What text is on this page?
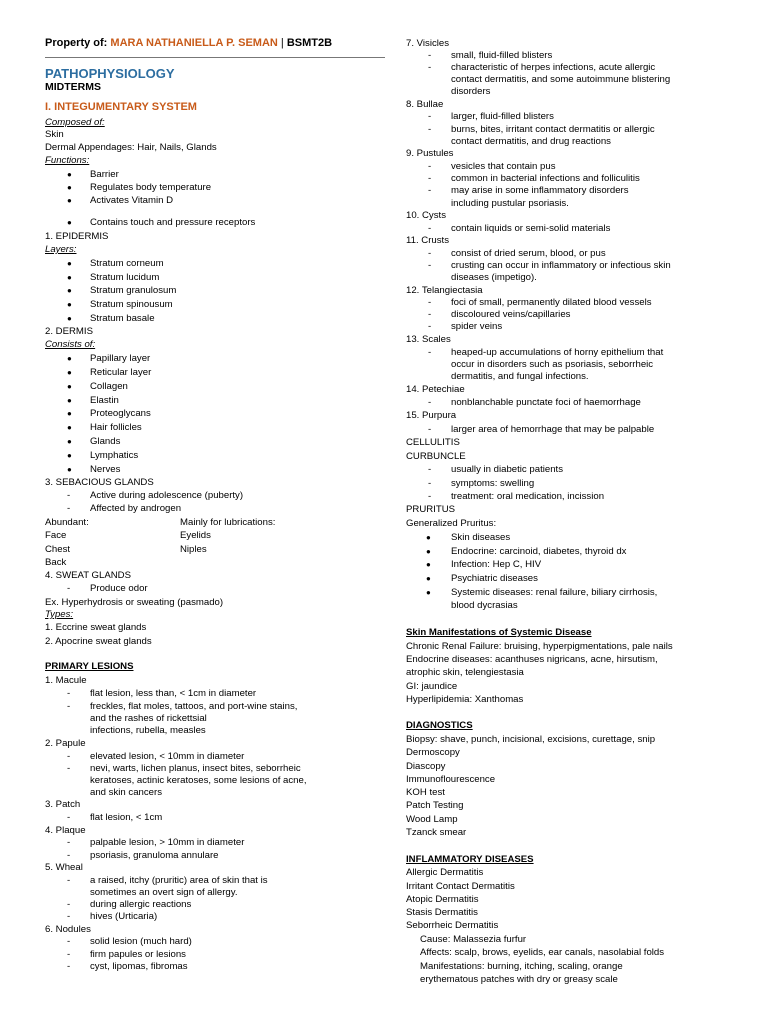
Property of: MARA NATHANIELLA P. SEMAN | BSMT2B
PATHOPHYSIOLOGY
MIDTERMS
I. INTEGUMENTARY SYSTEM
Composed of:
Skin
Dermal Appendages: Hair, Nails, Glands
Functions:
● Barrier
● Regulates body temperature
● Activates Vitamin D
● Contains touch and pressure receptors
1. EPIDERMIS
Layers:
● Stratum corneum
● Stratum lucidum
● Stratum granulosum
● Stratum spinousum
● Stratum basale
2. DERMIS
Consists of:
● Papillary layer
● Reticular layer
● Collagen
● Elastin
● Proteoglycans
● Hair follicles
● Glands
● Lymphatics
● Nerves
3. SEBACIOUS GLANDS
- Active during adolescence (puberty)
- Affected by androgen
Abundant:	Mainly for lubrications:
Face	Eyelids
Chest	Niples
Back
4. SWEAT GLANDS
- Produce odor
Ex. Hyperhydrosis or sweating (pasmado)
Types:
1. Eccrine sweat glands
2. Apocrine sweat glands
PRIMARY LESIONS
1. Macule
- flat lesion, less than, < 1cm in diameter
- freckles, flat moles, tattoos, and port-wine stains,
and the rashes of rickettsial
infections, rubella, measles
2. Papule
- elevated lesion, < 10mm in diameter
- nevi, warts, lichen planus, insect bites, seborrheic
keratoses, actinic keratoses, some lesions of acne,
and skin cancers
3. Patch
- flat lesion, < 1cm
4. Plaque
- palpable lesion, > 10mm in diameter
- psoriasis, granuloma annulare
5. Wheal
- a raised, itchy (pruritic) area of skin that is
sometimes an overt sign of allergy.
- during allergic reactions
- hives (Urticaria)
6. Nodules
- solid lesion (much hard)
- firm papules or lesions
- cyst, lipomas, fibromas
7. Visicles
- small, fluid-filled blisters
- characteristic of herpes infections, acute allergic
contact dermatitis, and some autoimmune blistering
disorders
8. Bullae
- larger, fluid-filled blisters
- burns, bites, irritant contact dermatitis or allergic
contact dermatitis, and drug reactions
9. Pustules
- vesicles that contain pus
- common in bacterial infections and folliculitis
- may arise in some inflammatory disorders
including pustular psoriasis.
10. Cysts
- contain liquids or semi-solid materials
11. Crusts
- consist of dried serum, blood, or pus
- crusting can occur in inflammatory or infectious skin
diseases (impetigo).
12. Telangiectasia
- foci of small, permanently dilated blood vessels
- discoloured veins/capillaries
- spider veins
13. Scales
- heaped-up accumulations of horny epithelium that
occur in disorders such as psoriasis, seborrheic
dermatitis, and fungal infections.
14. Petechiae
- nonblanchable punctate foci of haemorrhage
15. Purpura
- larger area of hemorrhage that may be palpable
CELLULITIS
CURBUNCLE
- usually in diabetic patients
- symptoms: swelling
- treatment: oral medication, incission
PRURITUS
Generalized Pruritus:
● Skin diseases
● Endocrine: carcinoid, diabetes, thyroid dx
● Infection: Hep C, HIV
● Psychiatric diseases
● Systemic diseases: renal failure, biliary cirrhosis,
blood dycrasias
Skin Manifestations of Systemic Disease
Chronic Renal Failure: bruising, hyperpigmentations, pale nails
Endocrine diseases: acanthuses nigricans, acne, hirsutism,
atrophic skin, telengiestasia
GI: jaundice
Hyperlipidemia: Xanthomas
DIAGNOSTICS
Biopsy: shave, punch, incisional, excisions, curettage, snip
Dermoscopy
Diascopy
Immunoflourescence
KOH test
Patch Testing
Wood Lamp
Tzanck smear
INFLAMMATORY DISEASES
Allergic Dermatitis
Irritant Contact Dermatitis
Atopic Dermatitis
Stasis Dermatitis
Seborrheic Dermatitis
Cause: Malassezia furfur
Affects: scalp, brows, eyelids, ear canals, nasolabial folds
Manifestations: burning, itching, scaling, orange
erythematous patches with dry or greasy scale
